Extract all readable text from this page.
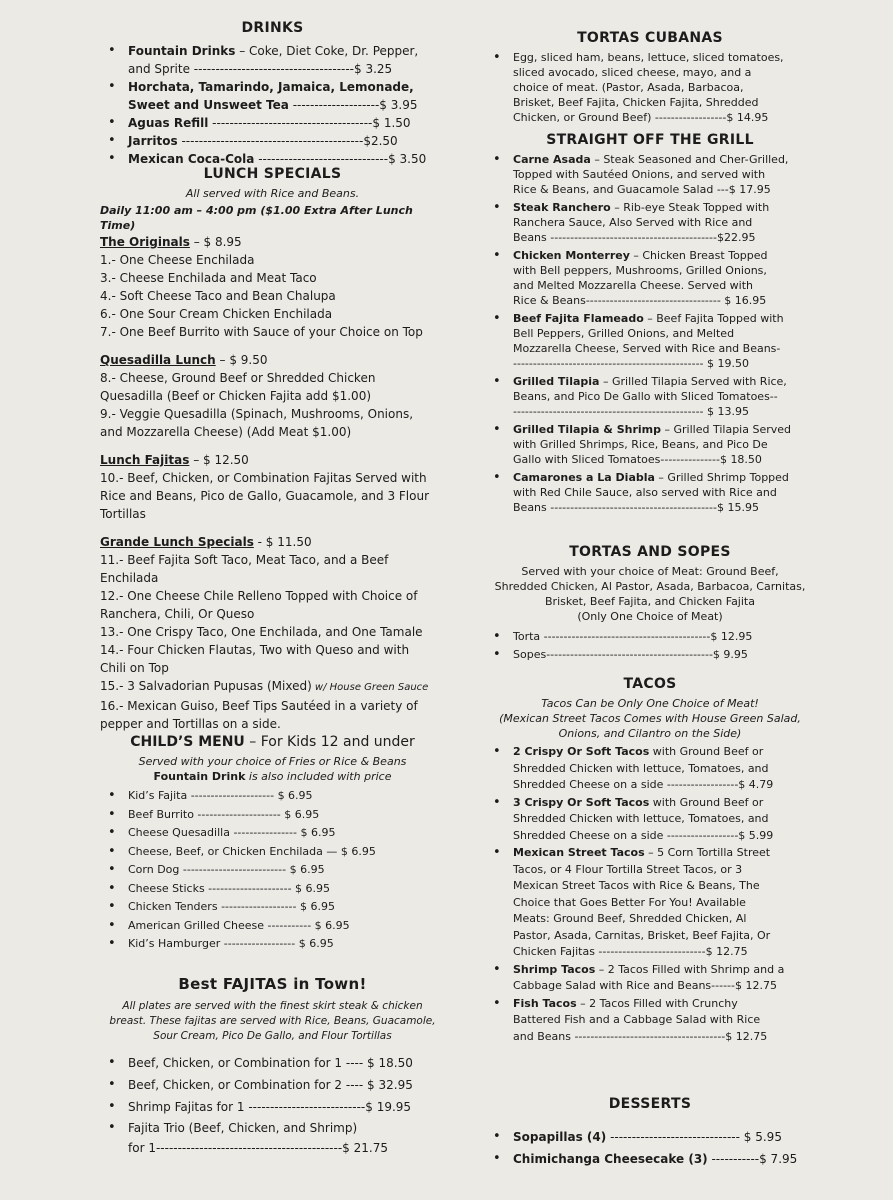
DRINKS
• Fountain Drinks – Coke, Diet Coke, Dr. Pepper,
and Sprite -------------------------------------$ 3.25
• Horchata, Tamarindo, Jamaica, Lemonade,
Sweet and Unsweet Tea --------------------$ 3.95
• Aguas Refill -------------------------------------$ 1.50
• Jarritos ------------------------------------------$2.50
• Mexican Coca-Cola ------------------------------$ 3.50
LUNCH SPECIALS
All served with Rice and Beans.
Daily 11:00 am – 4:00 pm ($1.00 Extra After Lunch Time)
The Originals – $ 8.95
1.- One Cheese Enchilada
3.- Cheese Enchilada and Meat Taco
4.- Soft Cheese Taco and Bean Chalupa
6.- One Sour Cream Chicken Enchilada
7.- One Beef Burrito with Sauce of your Choice on Top
Quesadilla Lunch – $ 9.50
8.- Cheese, Ground Beef or Shredded Chicken
Quesadilla (Beef or Chicken Fajita add $1.00)
9.- Veggie Quesadilla (Spinach, Mushrooms, Onions,
and Mozzarella Cheese) (Add Meat $1.00)
Lunch Fajitas – $ 12.50
10.- Beef, Chicken, or Combination Fajitas Served with
Rice and Beans, Pico de Gallo, Guacamole, and 3 Flour
Tortillas
Grande Lunch Specials - $ 11.50
11.- Beef Fajita Soft Taco, Meat Taco, and a Beef
Enchilada
12.- One Cheese Chile Relleno Topped with Choice of
Ranchera, Chili, Or Queso
13.- One Crispy Taco, One Enchilada, and One Tamale
14.- Four Chicken Flautas, Two with Queso and with
Chili on Top
15.- 3 Salvadorian Pupusas (Mixed) w/ House Green Sauce
16.- Mexican Guiso, Beef Tips Sautéed in a variety of
pepper and Tortillas on a side.
CHILD’S MENU – For Kids 12 and under
Served with your choice of Fries or Rice & Beans
Fountain Drink is also included with price
• Kid’s Fajita --------------------- $ 6.95
• Beef Burrito --------------------- $ 6.95
• Cheese Quesadilla ---------------- $ 6.95
• Cheese, Beef, or Chicken Enchilada — $ 6.95
• Corn Dog -------------------------- $ 6.95
• Cheese Sticks --------------------- $ 6.95
• Chicken Tenders ------------------- $ 6.95
• American Grilled Cheese ----------- $ 6.95
• Kid’s Hamburger ------------------ $ 6.95
Best FAJITAS in Town!
All plates are served with the finest skirt steak & chicken
breast. These fajitas are served with Rice, Beans, Guacamole,
Sour Cream, Pico De Gallo, and Flour Tortillas
• Beef, Chicken, or Combination for 1 ---- $ 18.50
• Beef, Chicken, or Combination for 2 ---- $ 32.95
• Shrimp Fajitas for 1 ---------------------------$ 19.95
• Fajita Trio (Beef, Chicken, and Shrimp)
for 1-------------------------------------------$ 21.75
TORTAS CUBANAS
• Egg, sliced ham, beans, lettuce, sliced tomatoes,
sliced avocado, sliced cheese, mayo, and a
choice of meat. (Pastor, Asada, Barbacoa,
Brisket, Beef Fajita, Chicken Fajita, Shredded
Chicken, or Ground Beef) ------------------$ 14.95
STRAIGHT OFF THE GRILL
• Carne Asada – Steak Seasoned and Cher-Grilled,
Topped with Sautéed Onions, and served with
Rice & Beans, and Guacamole Salad ---$ 17.95
• Steak Ranchero – Rib-eye Steak Topped with
Ranchera Sauce, Also Served with Rice and
Beans ------------------------------------------$22.95
• Chicken Monterrey – Chicken Breast Topped
with Bell peppers, Mushrooms, Grilled Onions,
and Melted Mozzarella Cheese. Served with
Rice & Beans---------------------------------- $ 16.95
• Beef Fajita Flameado – Beef Fajita Topped with
Bell Peppers, Grilled Onions, and Melted
Mozzarella Cheese, Served with Rice and Beans-
------------------------------------------------ $ 19.50
• Grilled Tilapia – Grilled Tilapia Served with Rice,
Beans, and Pico De Gallo with Sliced Tomatoes--
------------------------------------------------ $ 13.95
• Grilled Tilapia & Shrimp – Grilled Tilapia Served
with Grilled Shrimps, Rice, Beans, and Pico De
Gallo with Sliced Tomatoes---------------$ 18.50
• Camarones a La Diabla – Grilled Shrimp Topped
with Red Chile Sauce, also served with Rice and
Beans ------------------------------------------$ 15.95
TORTAS AND SOPES
Served with your choice of Meat: Ground Beef,
Shredded Chicken, Al Pastor, Asada, Barbacoa, Carnitas,
Brisket, Beef Fajita, and Chicken Fajita
(Only One Choice of Meat)
• Torta ------------------------------------------$ 12.95
• Sopes------------------------------------------$ 9.95
TACOS
Tacos Can be Only One Choice of Meat!
(Mexican Street Tacos Comes with House Green Salad,
Onions, and Cilantro on the Side)
• 2 Crispy Or Soft Tacos with Ground Beef or
Shredded Chicken with lettuce, Tomatoes, and
Shredded Cheese on a side ------------------$ 4.79
• 3 Crispy Or Soft Tacos with Ground Beef or
Shredded Chicken with lettuce, Tomatoes, and
Shredded Cheese on a side ------------------$ 5.99
• Mexican Street Tacos – 5 Corn Tortilla Street
Tacos, or 4 Flour Tortilla Street Tacos, or 3
Mexican Street Tacos with Rice & Beans, The
Choice that Goes Better For You! Available
Meats: Ground Beef, Shredded Chicken, Al
Pastor, Asada, Carnitas, Brisket, Beef Fajita, Or
Chicken Fajitas ---------------------------$ 12.75
• Shrimp Tacos – 2 Tacos Filled with Shrimp and a
Cabbage Salad with Rice and Beans------$ 12.75
• Fish Tacos – 2 Tacos Filled with Crunchy
Battered Fish and a Cabbage Salad with Rice
and Beans --------------------------------------$ 12.75
DESSERTS
• Sopapillas (4) ------------------------------ $ 5.95
• Chimichanga Cheesecake (3) -----------$ 7.95
